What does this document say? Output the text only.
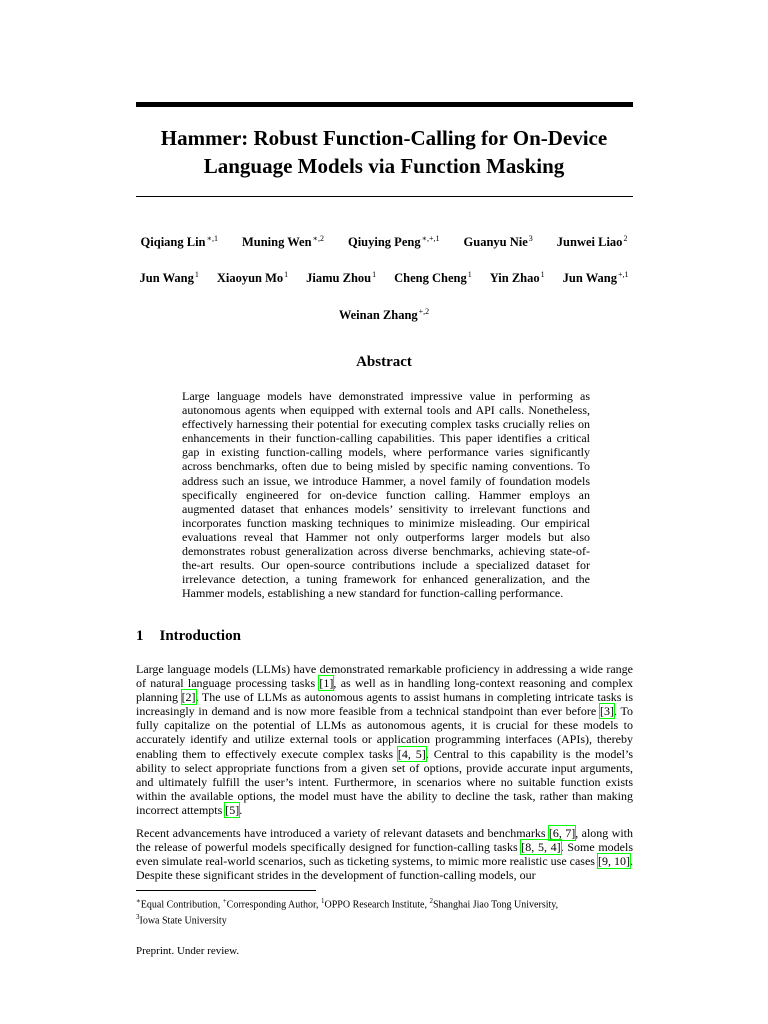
Hammer: Robust Function-Calling for On-Device
Language Models via Function Masking
Qiqiang Lin$^{∗,1}$ Muning Wen$^{∗,2}$ Qiuying Peng$^{∗,+,1}$ Guanyu Nie$^3$ Junwei Liao$^2$
Jun Wang$^1$ Xiaoyun Mo$^1$ Jiamu Zhou$^1$ Cheng Cheng$^1$ Yin Zhao$^1$ Jun Wang$^{+,1}$
Weinan Zhang$^{+,2}$
Abstract

Large language models have demonstrated impressive value in performing as autonomous agents when equipped with external tools and API calls. Nonetheless, effectively harnessing their potential for executing complex tasks crucially relies on enhancements in their function-calling capabilities. This paper identifies a critical gap in existing function-calling models, where performance varies significantly across benchmarks, often due to being misled by specific naming conventions. To address such an issue, we introduce Hammer, a novel family of foundation models specifically engineered for on-device function calling. Hammer employs an augmented dataset that enhances models’ sensitivity to irrelevant functions and incorporates function masking techniques to minimize misleading. Our empirical evaluations reveal that Hammer not only outperforms larger models but also demonstrates robust generalization across diverse benchmarks, achieving state-of-the-art results. Our open-source contributions include a specialized dataset for irrelevance detection, a tuning framework for enhanced generalization, and the Hammer models, establishing a new standard for function-calling performance.

1 Introduction

Large language models (LLMs) have demonstrated remarkable proficiency in addressing a wide range of natural language processing tasks [1], as well as in handling long-context reasoning and complex planning [2]. The use of LLMs as autonomous agents to assist humans in completing intricate tasks is increasingly in demand and is now more feasible from a technical standpoint than ever before [3]. To fully capitalize on the potential of LLMs as autonomous agents, it is crucial for these models to accurately identify and utilize external tools or application programming interfaces (APIs), thereby enabling them to effectively execute complex tasks [4, 5]. Central to this capability is the model’s ability to select appropriate functions from a given set of options, provide accurate input arguments, and ultimately fulfill the user’s intent. Furthermore, in scenarios where no suitable function exists within the available options, the model must have the ability to decline the task, rather than making incorrect attempts [5].

Recent advancements have introduced a variety of relevant datasets and benchmarks [6, 7], along with the release of powerful models specifically designed for function-calling tasks [8, 5, 4]. Some models even simulate real-world scenarios, such as ticketing systems, to mimic more realistic use cases [9, 10]. Despite these significant strides in the development of function-calling models, our

∗Equal Contribution, +Corresponding Author, $^1$OPPO Research Institute, $^2$Shanghai Jiao Tong University,
$^3$Iowa State University
Preprint. Under review.
